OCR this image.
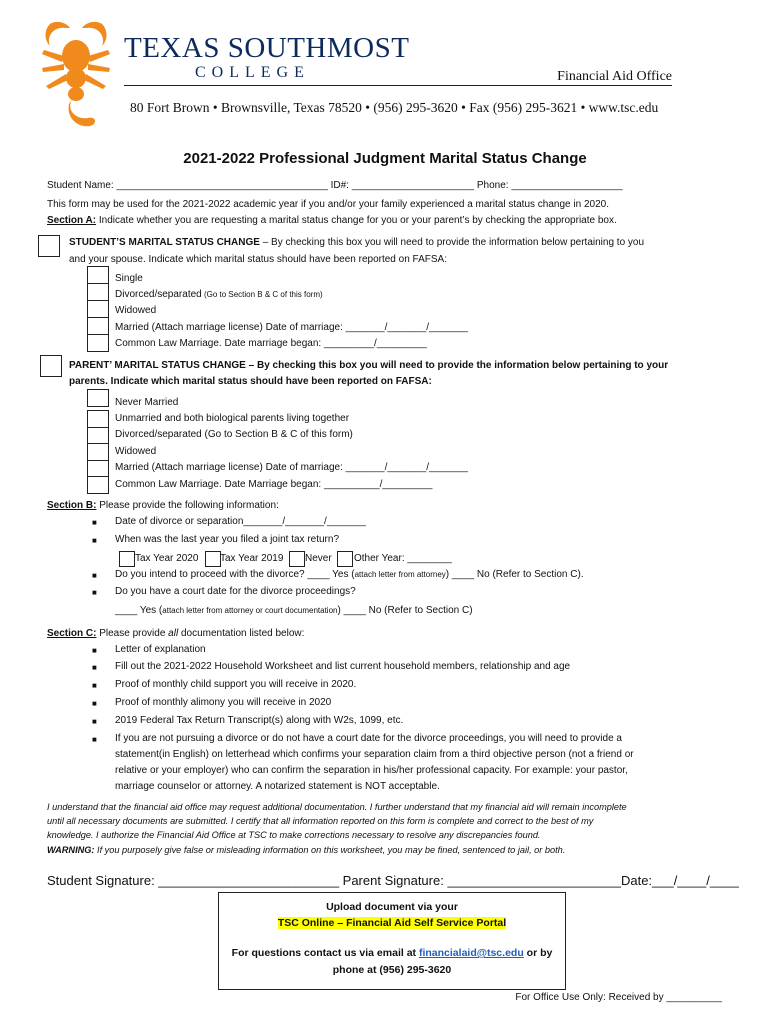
TEXAS SOUTHMOST
COLLEGE	Financial Aid Office
80 Fort Brown • Brownsville, Texas 78520 • (956) 295-3620 • Fax (956) 295-3621 • www.tsc.edu
2021-2022 Professional Judgment Marital Status Change
Student Name: ______________________________________ ID#: ______________________ Phone: ____________________
This form may be used for the 2021-2022 academic year if you and/or your family experienced a marital status change in 2020.
Section A: Indicate whether you are requesting a marital status change for you or your parent’s by checking the appropriate box.
STUDENT’S MARITAL STATUS CHANGE – By checking this box you will need to provide the information below pertaining to you
and your spouse. Indicate which marital status should have been reported on FAFSA:
Single
Divorced/separated (Go to Section B & C of this form)
Widowed
Married (Attach marriage license) Date of marriage: _______/_______/_______
Common Law Marriage. Date marriage began: _________/_________
PARENT’ MARITAL STATUS CHANGE – By checking this box you will need to provide the information below pertaining to your
parents. Indicate which marital status should have been reported on FAFSA:
Never Married
Unmarried and both biological parents living together
Divorced/separated (Go to Section B & C of this form)
Widowed
Married (Attach marriage license) Date of marriage: _______/_______/_______
Common Law Marriage. Date Marriage began: __________/_________
Section B: Please provide the following information:
■ Date of divorce or separation_______/_______/_______
■ When was the last year you filed a joint tax return?
Tax Year 2020 Tax Year 2019 Never Other Year: ________
■ Do you intend to proceed with the divorce? ____ Yes (attach letter from attorney) ____ No (Refer to Section C).
■ Do you have a court date for the divorce proceedings?
____ Yes (attach letter from attorney or court documentation) ____ No (Refer to Section C)
Section C: Please provide all documentation listed below:
■ Letter of explanation
■ Fill out the 2021-2022 Household Worksheet and list current household members, relationship and age
■ Proof of monthly child support you will receive in 2020.
■ Proof of monthly alimony you will receive in 2020
■ 2019 Federal Tax Return Transcript(s) along with W2s, 1099, etc.
■ If you are not pursuing a divorce or do not have a court date for the divorce proceedings, you will need to provide a
statement(in English) on letterhead which confirms your separation claim from a third objective person (not a friend or
relative or your employer) who can confirm the separation in his/her professional capacity. For example: your pastor,
marriage counselor or attorney. A notarized statement is NOT acceptable.
I understand that the financial aid office may request additional documentation. I further understand that my financial aid will remain incomplete
until all necessary documents are submitted. I certify that all information reported on this form is complete and correct to the best of my
knowledge. I authorize the Financial Aid Office at TSC to make corrections necessary to resolve any discrepancies found.
WARNING: If you purposely give false or misleading information on this worksheet, you may be fined, sentenced to jail, or both.
Student Signature: _________________________ Parent Signature: ________________________Date:___/____/____
Upload document via your
TSC Online – Financial Aid Self Service Portal
For questions contact us via email at financialaid@tsc.edu or by
phone at (956) 295-3620
For Office Use Only: Received by __________
